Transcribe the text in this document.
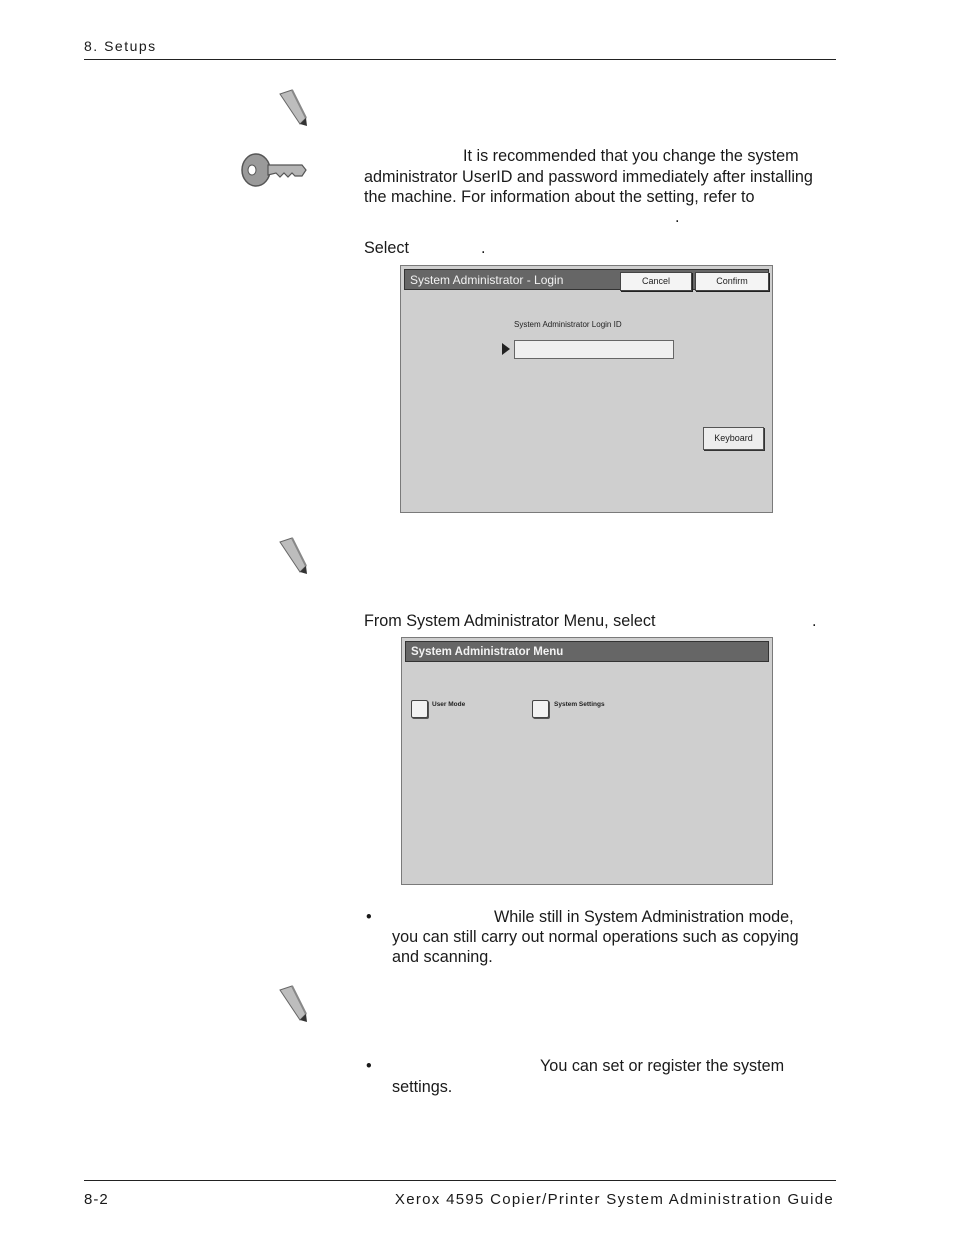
8. Setups
It is recommended that you change the system
administrator UserID and password immediately after installing
the machine. For information about the setting, refer to
.
Select	.
System Administrator - Login	Cancel	Confirm
System Administrator Login ID
Keyboard
From System Administrator Menu, select	.
System Administrator Menu
User Mode	System Settings
•	While still in System Administration mode,
you can still carry out normal operations such as copying
and scanning.
•	You can set or register the system
settings.
8-2	Xerox 4595 Copier/Printer System Administration Guide
